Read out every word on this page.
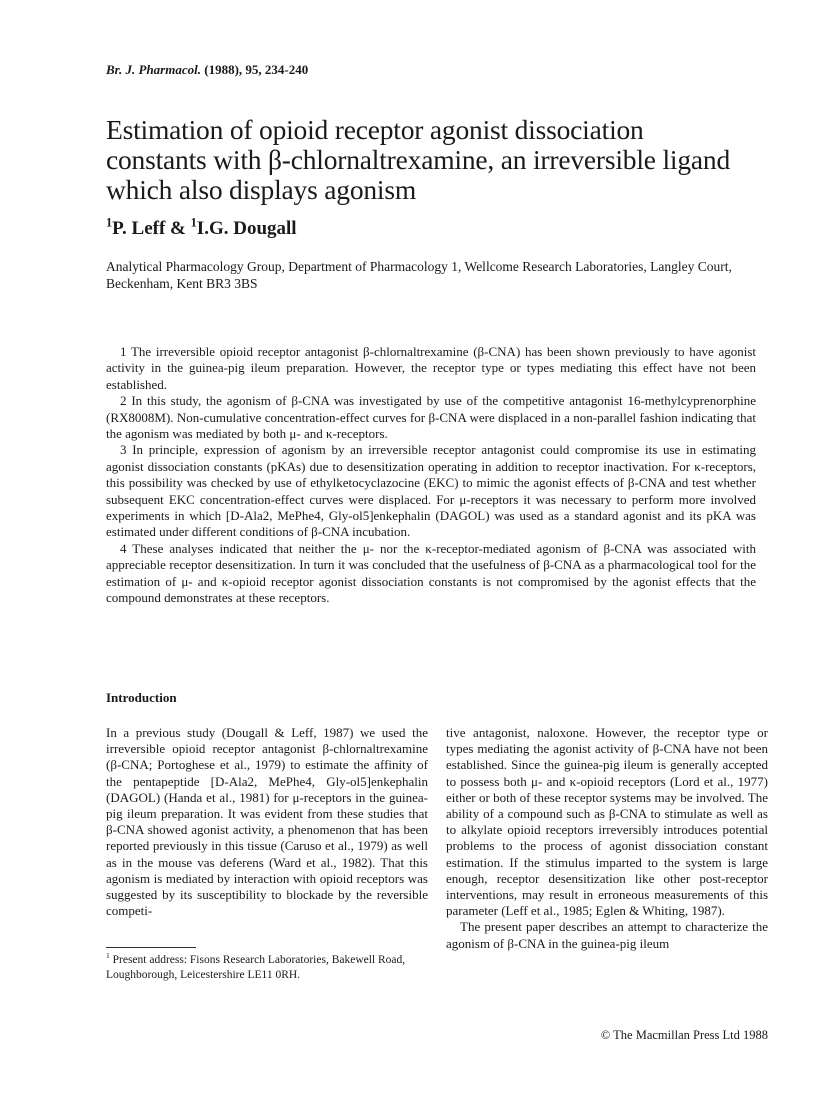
Br. J. Pharmacol. (1988), 95, 234-240
Estimation of opioid receptor agonist dissociation constants with β-chlornaltrexamine, an irreversible ligand which also displays agonism
$^1$P. Leff & $^1$I.G. Dougall
Analytical Pharmacology Group, Department of Pharmacology 1, Wellcome Research Laboratories, Langley Court, Beckenham, Kent BR3 3BS

1 The irreversible opioid receptor antagonist β-chlornaltrexamine (β-CNA) has been shown previously to have agonist activity in the guinea-pig ileum preparation. However, the receptor type or types mediating this effect have not been established.

2 In this study, the agonism of β-CNA was investigated by use of the competitive antagonist 16-methylcyprenorphine (RX8008M). Non-cumulative concentration-effect curves for β-CNA were displaced in a non-parallel fashion indicating that the agonism was mediated by both μ- and κ-receptors.

3 In principle, expression of agonism by an irreversible receptor antagonist could compromise its use in estimating agonist dissociation constants (pKAs) due to desensitization operating in addition to receptor inactivation. For κ-receptors, this possibility was checked by use of ethylketocyclazocine (EKC) to mimic the agonist effects of β-CNA and test whether subsequent EKC concentration-effect curves were displaced. For μ-receptors it was necessary to perform more involved experiments in which [D-Ala2, MePhe4, Gly-ol5]enkephalin (DAGOL) was used as a standard agonist and its pKA was estimated under different conditions of β-CNA incubation.

4 These analyses indicated that neither the μ- nor the κ-receptor-mediated agonism of β-CNA was associated with appreciable receptor desensitization. In turn it was concluded that the usefulness of β-CNA as a pharmacological tool for the estimation of μ- and κ-opioid receptor agonist dissociation constants is not compromised by the agonist effects that the compound demonstrates at these receptors.

Introduction

In a previous study (Dougall & Leff, 1987) we used the irreversible opioid receptor antagonist β-chlornaltrexamine (β-CNA; Portoghese et al., 1979) to estimate the affinity of the pentapeptide [D-Ala2, MePhe4, Gly-ol5]enkephalin (DAGOL) (Handa et al., 1981) for μ-receptors in the guinea-pig ileum preparation. It was evident from these studies that β-CNA showed agonist activity, a phenomenon that has been reported previously in this tissue (Caruso et al., 1979) as well as in the mouse vas deferens (Ward et al., 1982). That this agonism is mediated by interaction with opioid receptors was suggested by its susceptibility to blockade by the reversible competi-

tive antagonist, naloxone. However, the receptor type or types mediating the agonist activity of β-CNA have not been established. Since the guinea-pig ileum is generally accepted to possess both μ- and κ-opioid receptors (Lord et al., 1977) either or both of these receptor systems may be involved. The ability of a compound such as β-CNA to stimulate as well as to alkylate opioid receptors irreversibly introduces potential problems to the process of agonist dissociation constant estimation. If the stimulus imparted to the system is large enough, receptor desensitization like other post-receptor interventions, may result in erroneous measurements of this parameter (Leff et al., 1985; Eglen & Whiting, 1987).

The present paper describes an attempt to characterize the agonism of β-CNA in the guinea-pig ileum

$^1$ Present address: Fisons Research Laboratories, Bakewell Road, Loughborough, Leicestershire LE11 0RH.
© The Macmillan Press Ltd 1988
